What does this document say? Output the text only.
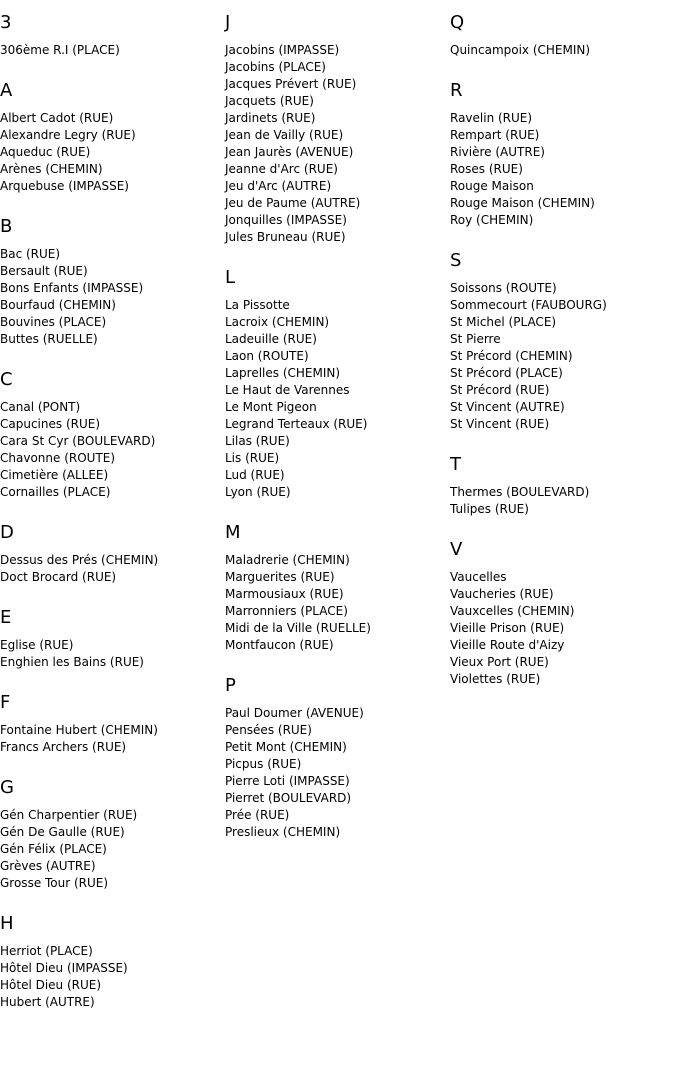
3
306ème R.I (PLACE)
A
Albert Cadot (RUE)
Alexandre Legry (RUE)
Aqueduc (RUE)
Arènes (CHEMIN)
Arquebuse (IMPASSE)
B
Bac (RUE)
Bersault (RUE)
Bons Enfants (IMPASSE)
Bourfaud (CHEMIN)
Bouvines (PLACE)
Buttes (RUELLE)
C
Canal (PONT)
Capucines (RUE)
Cara St Cyr (BOULEVARD)
Chavonne (ROUTE)
Cimetière (ALLEE)
Cornailles (PLACE)
D
Dessus des Prés (CHEMIN)
Doct Brocard (RUE)
E
Eglise (RUE)
Enghien les Bains (RUE)
F
Fontaine Hubert (CHEMIN)
Francs Archers (RUE)
G
Gén Charpentier (RUE)
Gén De Gaulle (RUE)
Gén Félix (PLACE)
Grèves (AUTRE)
Grosse Tour (RUE)
H
Herriot (PLACE)
Hôtel Dieu (IMPASSE)
Hôtel Dieu (RUE)
Hubert (AUTRE)
J
Jacobins (IMPASSE)
Jacobins (PLACE)
Jacques Prévert (RUE)
Jacquets (RUE)
Jardinets (RUE)
Jean de Vailly (RUE)
Jean Jaurès (AVENUE)
Jeanne d'Arc (RUE)
Jeu d'Arc (AUTRE)
Jeu de Paume (AUTRE)
Jonquilles (IMPASSE)
Jules Bruneau (RUE)
L
La Pissotte
Lacroix (CHEMIN)
Ladeuille (RUE)
Laon (ROUTE)
Laprelles (CHEMIN)
Le Haut de Varennes
Le Mont Pigeon
Legrand Terteaux (RUE)
Lilas (RUE)
Lis (RUE)
Lud (RUE)
Lyon (RUE)
M
Maladrerie (CHEMIN)
Marguerites (RUE)
Marmousiaux (RUE)
Marronniers (PLACE)
Midi de la Ville (RUELLE)
Montfaucon (RUE)
P
Paul Doumer (AVENUE)
Pensées (RUE)
Petit Mont (CHEMIN)
Picpus (RUE)
Pierre Loti (IMPASSE)
Pierret (BOULEVARD)
Prée (RUE)
Preslieux (CHEMIN)
Q
Quincampoix (CHEMIN)
R
Ravelin (RUE)
Rempart (RUE)
Rivière (AUTRE)
Roses (RUE)
Rouge Maison
Rouge Maison (CHEMIN)
Roy (CHEMIN)
S
Soissons (ROUTE)
Sommecourt (FAUBOURG)
St Michel (PLACE)
St Pierre
St Précord (CHEMIN)
St Précord (PLACE)
St Précord (RUE)
St Vincent (AUTRE)
St Vincent (RUE)
T
Thermes (BOULEVARD)
Tulipes (RUE)
V
Vaucelles
Vaucheries (RUE)
Vauxcelles (CHEMIN)
Vieille Prison (RUE)
Vieille Route d'Aizy
Vieux Port (RUE)
Violettes (RUE)
